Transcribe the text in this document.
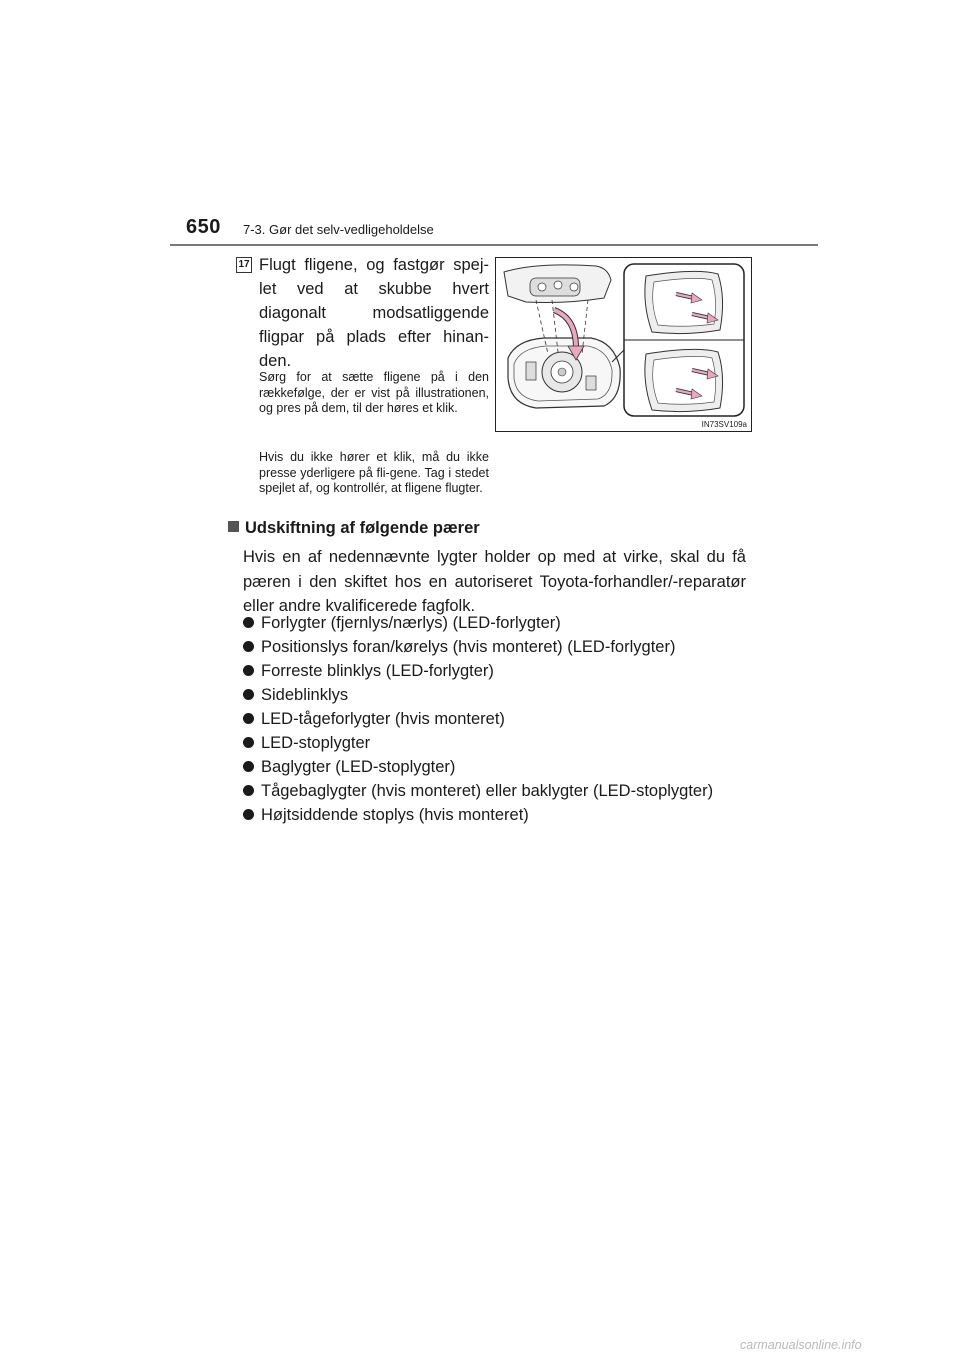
650 7-3. Gør det selv-vedligeholdelse
17 Flugt fligene, og fastgør spej-let ved at skubbe hvert diagonalt modsatliggende fligpar på plads efter hinan-den.
Sørg for at sætte fligene på i den rækkefølge, der er vist på illustrationen, og pres på dem, til der høres et klik.
Hvis du ikke hører et klik, må du ikke presse yderligere på fli-gene. Tag i stedet spejlet af, og kontrollér, at fligene flugter.
IN73SV109a
Udskiftning af følgende pærer
Hvis en af nedennævnte lygter holder op med at virke, skal du få pæren i den skiftet hos en autoriseret Toyota-forhandler/-reparatør eller andre kvalificerede fagfolk.
Forlygter (fjernlys/nærlys) (LED-forlygter)
Positionslys foran/kørelys (hvis monteret) (LED-forlygter)
Forreste blinklys (LED-forlygter)
Sideblinklys
LED-tågeforlygter (hvis monteret)
LED-stoplygter
Baglygter (LED-stoplygter)
Tågebaglygter (hvis monteret) eller baklygter (LED-stoplygter)
Højtsiddende stoplys (hvis monteret)
carmanualsonline.info
